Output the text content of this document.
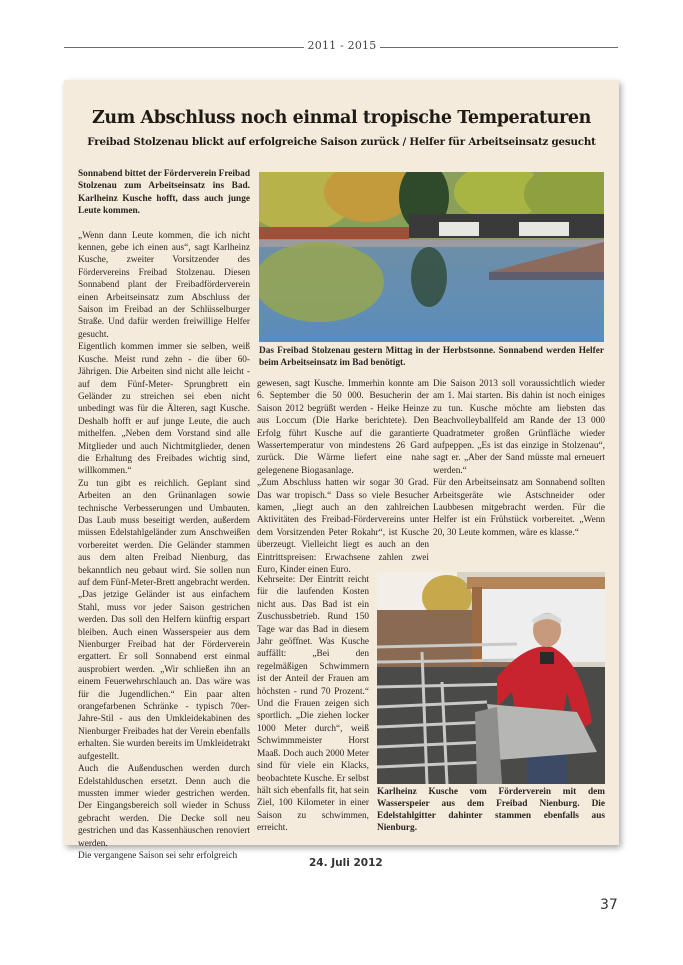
2011 - 2015
Zum Abschluss noch einmal tropische Temperaturen
Freibad Stolzenau blickt auf erfolgreiche Saison zurück / Helfer für Arbeitseinsatz gesucht

Sonnabend bittet der Förderverein Freibad Stolzenau zum Arbeitseinsatz ins Bad. Karlheinz Kusche hofft, dass auch junge Leute kommen.

„Wenn dann Leute kommen, die ich nicht kennen, gebe ich einen aus“, sagt Karlheinz Kusche, zweiter Vorsitzender des Fördervereins Freibad Stolzenau. Diesen Sonnabend plant der Freibadförderverein einen Arbeitseinsatz zum Abschluss der Saison im Freibad an der Schlüsselburger Straße. Und dafür werden freiwillige Helfer gesucht.

Eigentlich kommen immer sie selben, weiß Kusche. Meist rund zehn - die über 60-Jährigen. Die Arbeiten sind nicht alle leicht - auf dem Fünf-Meter- Sprungbrett ein Geländer zu streichen sei eben nicht unbedingt was für die Älteren, sagt Kusche. Deshalb hofft er auf junge Leute, die auch mithelfen. „Neben dem Vorstand sind alle Mitglieder und auch Nichtmitglieder, denen die Erhaltung des Freibades wichtig sind, willkommen.“

Zu tun gibt es reichlich. Geplant sind Arbeiten an den Grünanlagen sowie technische Verbesserungen und Umbauten. Das Laub muss beseitigt werden, außerdem müssen Edelstahlgeländer zum Anschweißen vorbereitet werden. Die Geländer stammen aus dem alten Freibad Nienburg, das bekanntlich neu gebaut wird. Sie sollen nun auf dem Fünf-Meter-Brett angebracht werden.

„Das jetzige Geländer ist aus einfachem Stahl, muss vor jeder Saison gestrichen werden. Das soll den Helfern künftig erspart bleiben. Auch einen Wasserspeier aus dem Nienburger Freibad hat der Förderverein ergattert. Er soll Sonnabend erst einmal ausprobiert werden. „Wir schließen ihn an einem Feuerwehrschlauch an. Das wäre was für die Jugendlichen.“ Ein paar alten orangefarbenen Schränke - typisch 70er-Jahre-Stil - aus den Umkleidekabinen des Nienburger Freibades hat der Verein ebenfalls erhalten. Sie wurden bereits im Umkleidetrakt aufgestellt.

Auch die Außenduschen werden durch Edelstahlduschen ersetzt. Denn auch die mussten immer wieder gestrichen werden. Der Eingangsbereich soll wieder in Schuss gebracht werden. Die Decke soll neu gestrichen und das Kassenhäuschen renoviert werden.

Die vergangene Saison sei sehr erfolgreich

Das Freibad Stolzenau gestern Mittag in der Herbstsonne. Sonnabend werden Helfer beim Arbeitseinsatz im Bad benötigt.

gewesen, sagt Kusche. Immerhin konnte am 6. September die 50 000. Besucherin der Saison 2012 begrüßt werden - Heike Heinze aus Loccum (Die Harke berichtete). Den Erfolg führt Kusche auf die garantierte Wassertemperatur von mindestens 26 Gard zurück. Die Wärme liefert eine nahe gelegenene Biogasanlage.

„Zum Abschluss hatten wir sogar 30 Grad. Das war tropisch.“ Dass so viele Besucher kamen, „liegt auch an den zahlreichen Aktivitäten des Freibad-Fördervereins unter dem Vorsitzenden Peter Rokahr“, ist Kusche überzeugt. Vielleicht liegt es auch an den Eintrittspreisen: Erwachsene zahlen zwei Euro, Kinder einen Euro.

Kehrseite: Der Eintritt reicht für die laufenden Kosten nicht aus. Das Bad ist ein Zuschussbetrieb. Rund 150 Tage war das Bad in diesem Jahr geöffnet. Was Kusche auffällt: „Bei den regelmäßigen Schwimmern ist der Anteil der Frauen am höchsten - rund 70 Prozent.“ Und die Frauen zeigen sich sportlich. „Die ziehen locker 1000 Meter durch“, weiß Schwimmmeister Horst Maaß. Doch auch 2000 Meter sind für viele ein Klacks, beobachtete Kusche. Er selbst hält sich ebenfalls fit, hat sein Ziel, 100 Kilometer in einer Saison zu schwimmen, erreicht.

Die Saison 2013 soll voraussichtlich wieder am 1. Mai starten. Bis dahin ist noch einiges zu tun. Kusche möchte am liebsten das Beachvolleyballfeld am Rande der 13 000 Quadratmeter großen Grünfläche wieder aufpeppen. „Es ist das einzige in Stolzenau“, sagt er. „Aber der Sand müsste mal erneuert werden.“

Für den Arbeitseinsatz am Sonnabend sollten Arbeitsgeräte wie Astschneider oder Laubbesen mitgebracht werden. Für die Helfer ist ein Frühstück vorbereitet. „Wenn 20, 30 Leute kommen, wäre es klasse.“

Karlheinz Kusche vom Förderverein mit dem Wasserspeier aus dem Freibad Nienburg. Die Edelstahlgitter dahinter stammen ebenfalls aus Nienburg.
24. Juli 2012
37
